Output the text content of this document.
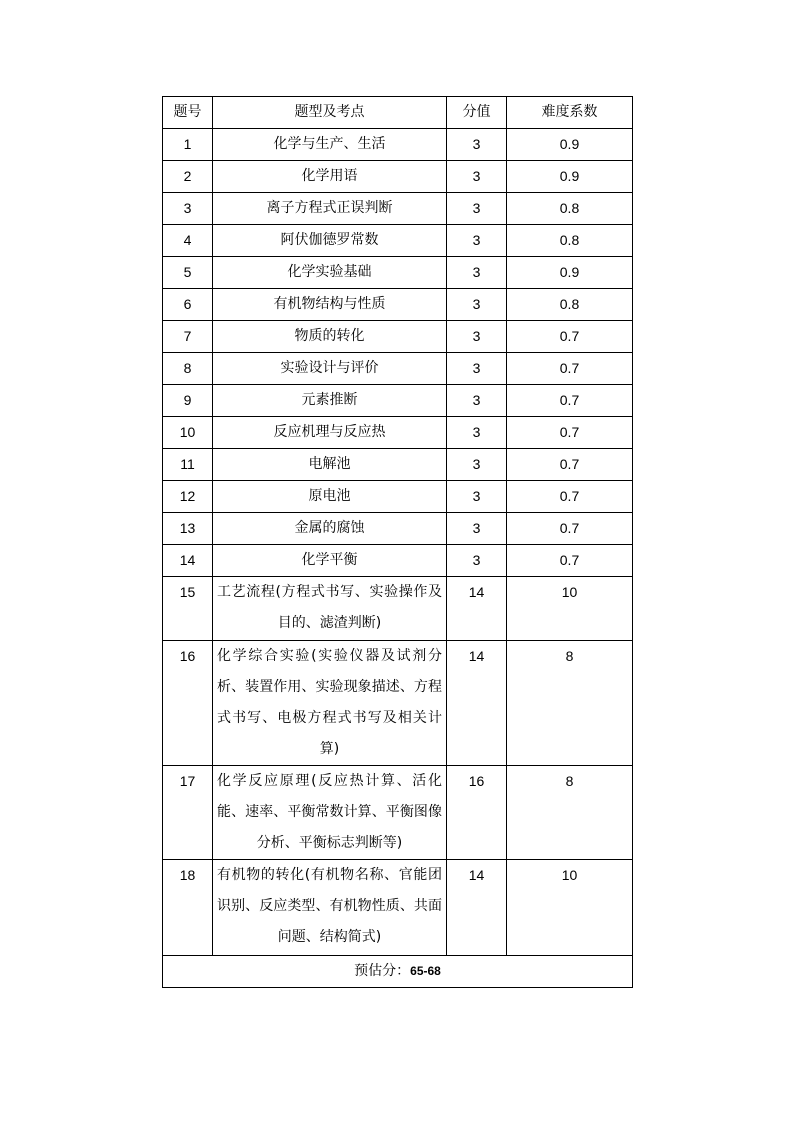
题号	题型及考点	分值	难度系数
1	化学与生产、生活	3	0.9
2	化学用语	3	0.9
3	离子方程式正误判断	3	0.8
4	阿伏伽德罗常数	3	0.8
5	化学实验基础	3	0.9
6	有机物结构与性质	3	0.8
7	物质的转化	3	0.7
8	实验设计与评价	3	0.7
9	元素推断	3	0.7
10	反应机理与反应热	3	0.7
11	电解池	3	0.7
12	原电池	3	0.7
13	金属的腐蚀	3	0.7
14	化学平衡	3	0.7
15	工艺流程(方程式书写、实验操作及目的、滤渣判断)	14	10
16	化学综合实验(实验仪器及试剂分析、装置作用、实验现象描述、方程式书写、电极方程式书写及相关计算)	14	8
17	化学反应原理(反应热计算、活化能、速率、平衡常数计算、平衡图像分析、平衡标志判断等)	16	8
18	有机物的转化(有机物名称、官能团识别、反应类型、有机物性质、共面问题、结构简式)	14	10
预估分：65-68			
